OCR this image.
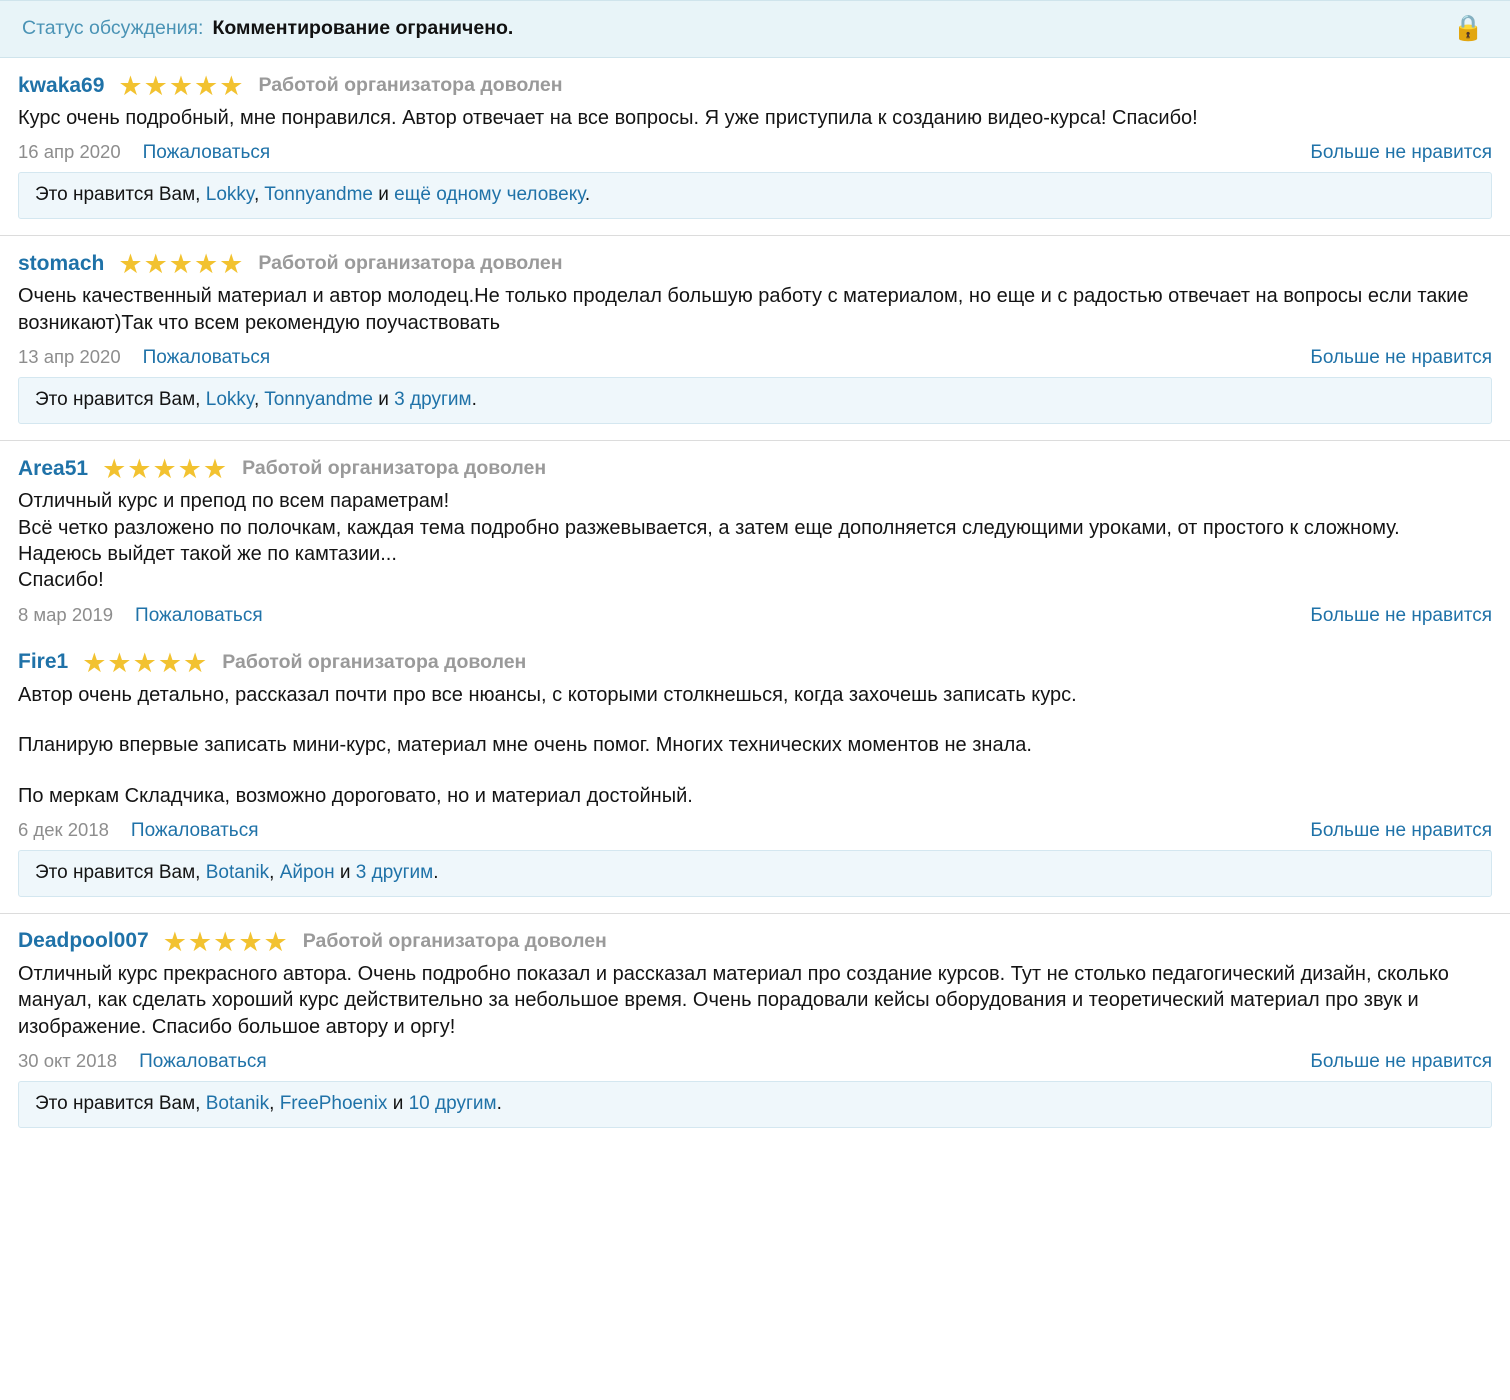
Статус обсуждения: Комментирование ограничено.	🔒
kwaka69 ★★★★★ Работой организатора доволен

Курс очень подробный, мне понравился. Автор отвечает на все вопросы. Я уже приступила к созданию видео-курса! Спасибо!

16 апр 2020 Пожаловаться	Больше не нравится
Это нравится Вам, Lokky, Tonnyandme и ещё одному человеку.
stomach ★★★★★ Работой организатора доволен

Очень качественный материал и автор молодец.Не только проделал большую работу с материалом, но еще и с радостью отвечает на вопросы если такие возникают)Так что всем рекомендую поучаствовать

13 апр 2020 Пожаловаться	Больше не нравится
Это нравится Вам, Lokky, Tonnyandme и 3 другим.
Area51 ★★★★★ Работой организатора доволен

Отличный курс и препод по всем параметрам!

Всё четко разложено по полочкам, каждая тема подробно разжевывается, а затем еще дополняется следующими уроками, от простого к сложному.

Надеюсь выйдет такой же по камтазии...

Спасибо!

8 мар 2019 Пожаловаться	Больше не нравится
Fire1 ★★★★★ Работой организатора доволен

Автор очень детально, рассказал почти про все нюансы, с которыми столкнешься, когда захочешь записать курс.

Планирую впервые записать мини-курс, материал мне очень помог. Многих технических моментов не знала.

По меркам Складчика, возможно дороговато, но и материал достойный.

6 дек 2018 Пожаловаться	Больше не нравится
Это нравится Вам, Botanik, Айрон и 3 другим.
Deadpool007 ★★★★★ Работой организатора доволен

Отличный курс прекрасного автора. Очень подробно показал и рассказал материал про создание курсов. Тут не столько педагогический дизайн, сколько мануал, как сделать хороший курс действительно за небольшое время. Очень порадовали кейсы оборудования и теоретический материал про звук и изображение. Спасибо большое автору и оргу!

30 окт 2018 Пожаловаться	Больше не нравится
Это нравится Вам, Botanik, FreePhoenix и 10 другим.
